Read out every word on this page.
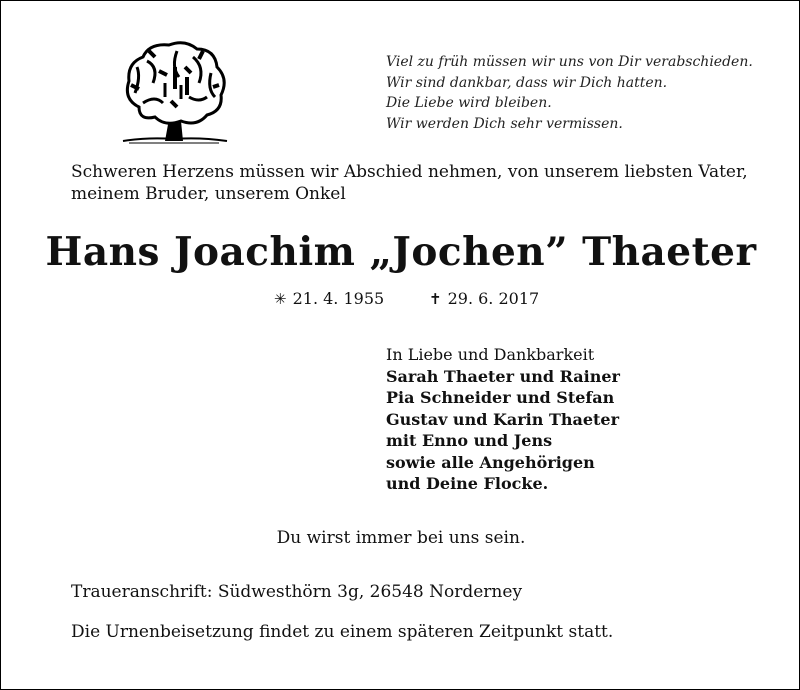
Viel zu früh müssen wir uns von Dir verabschieden.
Wir sind dankbar, dass wir Dich hatten.
Die Liebe wird bleiben.
Wir werden Dich sehr vermissen.
Schweren Herzens müssen wir Abschied nehmen, von unserem liebsten Vater,
meinem Bruder, unserem Onkel
Hans Joachim „Jochen” Thaeter
✳ 21. 4. 1955	✝ 29. 6. 2017
In Liebe und Dankbarkeit
Sarah Thaeter und Rainer
Pia Schneider und Stefan
Gustav und Karin Thaeter
mit Enno und Jens
sowie alle Angehörigen
und Deine Flocke.
Du wirst immer bei uns sein.
Traueranschrift: Südwesthörn 3g, 26548 Norderney
Die Urnenbeisetzung findet zu einem späteren Zeitpunkt statt.
